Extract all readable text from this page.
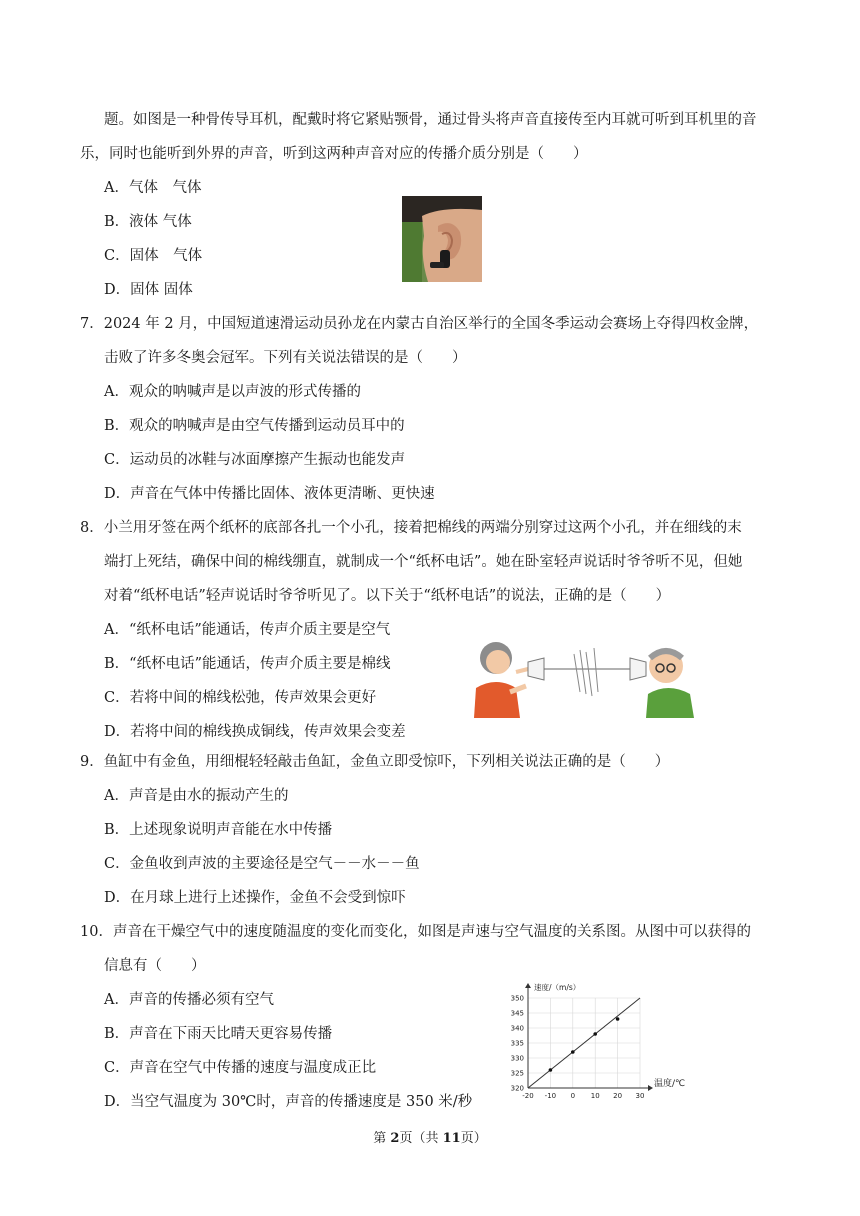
题。如图是一种骨传导耳机，配戴时将它紧贴颚骨，通过骨头将声音直接传至内耳就可听到耳机里的音
乐，同时也能听到外界的声音，听到这两种声音对应的传播介质分别是（　　）
A．气体　气体
B．液体 气体
C．固体　气体
D．固体 固体
7．2024 年 2 月，中国短道速滑运动员孙龙在内蒙古自治区举行的全国冬季运动会赛场上夺得四枚金牌，
击败了许多冬奥会冠军。下列有关说法错误的是（　　）
A．观众的呐喊声是以声波的形式传播的
B．观众的呐喊声是由空气传播到运动员耳中的
C．运动员的冰鞋与冰面摩擦产生振动也能发声
D．声音在气体中传播比固体、液体更清晰、更快速
8．小兰用牙签在两个纸杯的底部各扎一个小孔，接着把棉线的两端分别穿过这两个小孔，并在细线的末
端打上死结，确保中间的棉线绷直，就制成一个“纸杯电话”。她在卧室轻声说话时爷爷听不见，但她
对着“纸杯电话”轻声说话时爷爷听见了。以下关于“纸杯电话”的说法，正确的是（　　）
A．“纸杯电话”能通话，传声介质主要是空气
B．“纸杯电话”能通话，传声介质主要是棉线
C．若将中间的棉线松弛，传声效果会更好
D．若将中间的棉线换成铜线，传声效果会变差
9．鱼缸中有金鱼，用细棍轻轻敲击鱼缸，金鱼立即受惊吓，下列相关说法正确的是（　　）
A．声音是由水的振动产生的
B．上述现象说明声音能在水中传播
C．金鱼收到声波的主要途径是空气－－水－－鱼
D．在月球上进行上述操作，金鱼不会受到惊吓
10．声音在干燥空气中的速度随温度的变化而变化，如图是声速与空气温度的关系图。从图中可以获得的
信息有（　　）
A．声音的传播必须有空气
B．声音在下雨天比晴天更容易传播
C．声音在空气中传播的速度与温度成正比
D．当空气温度为 30℃时，声音的传播速度是 350 米/秒	-20 -10 0 10 20 30
320
325
330
335
340
345
350
速度/（m/s）
温度/℃
第 2页（共 11页）
